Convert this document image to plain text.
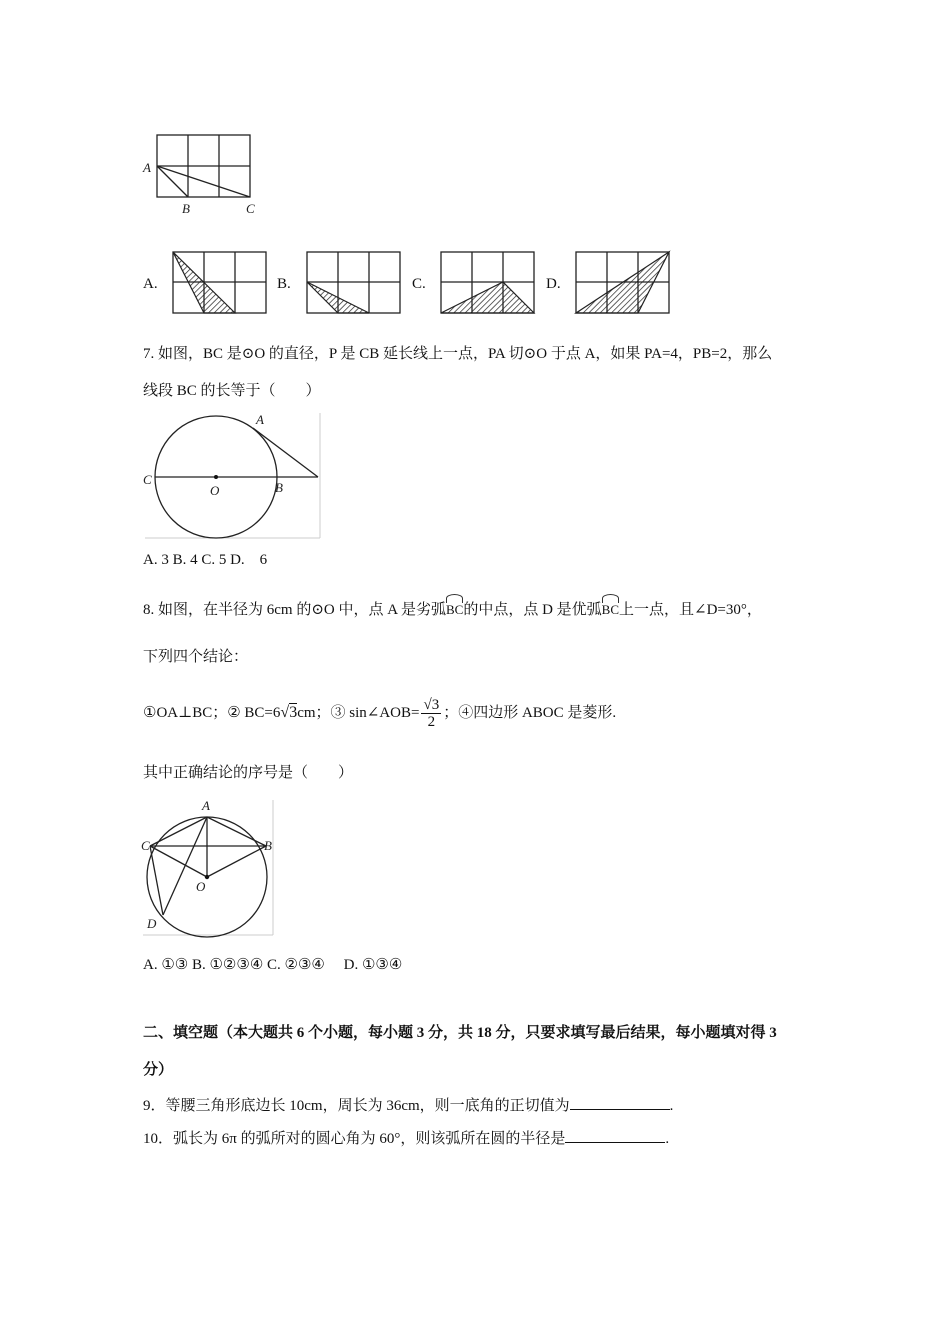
A
B	C
A.	B.	C.	D.
7. 如图，BC 是⊙O 的直径，P 是 CB 延长线上一点，PA 切⊙O 于点 A，如果 PA=4，PB=2，那么
线段 BC 的长等于（　　）
A
C
O	B
A. 3 B. 4 C. 5 D.　6
8. 如图，在半径为 6cm 的⊙O 中，点 A 是劣弧BC的中点，点 D 是优弧BC上一点，且∠D=30°，
下列四个结论：
①OA⊥BC；② BC=6√3cm；③ sin∠AOB= $\frac{√3}{2}$ ；④四边形 ABOC 是菱形.
其中正确结论的序号是（　　）
A
C	B
O
D
A. ①③ B. ①②③④ C. ②③④　 D. ①③④
二、填空题（本大题共 6 个小题，每小题 3 分，共 18 分，只要求填写最后结果，每小题填对得 3
分）
9．等腰三角形底边长 10cm，周长为 36cm，则一底角的正切值为	.
10．弧长为 6π 的弧所对的圆心角为 60°，则该弧所在圆的半径是	.
